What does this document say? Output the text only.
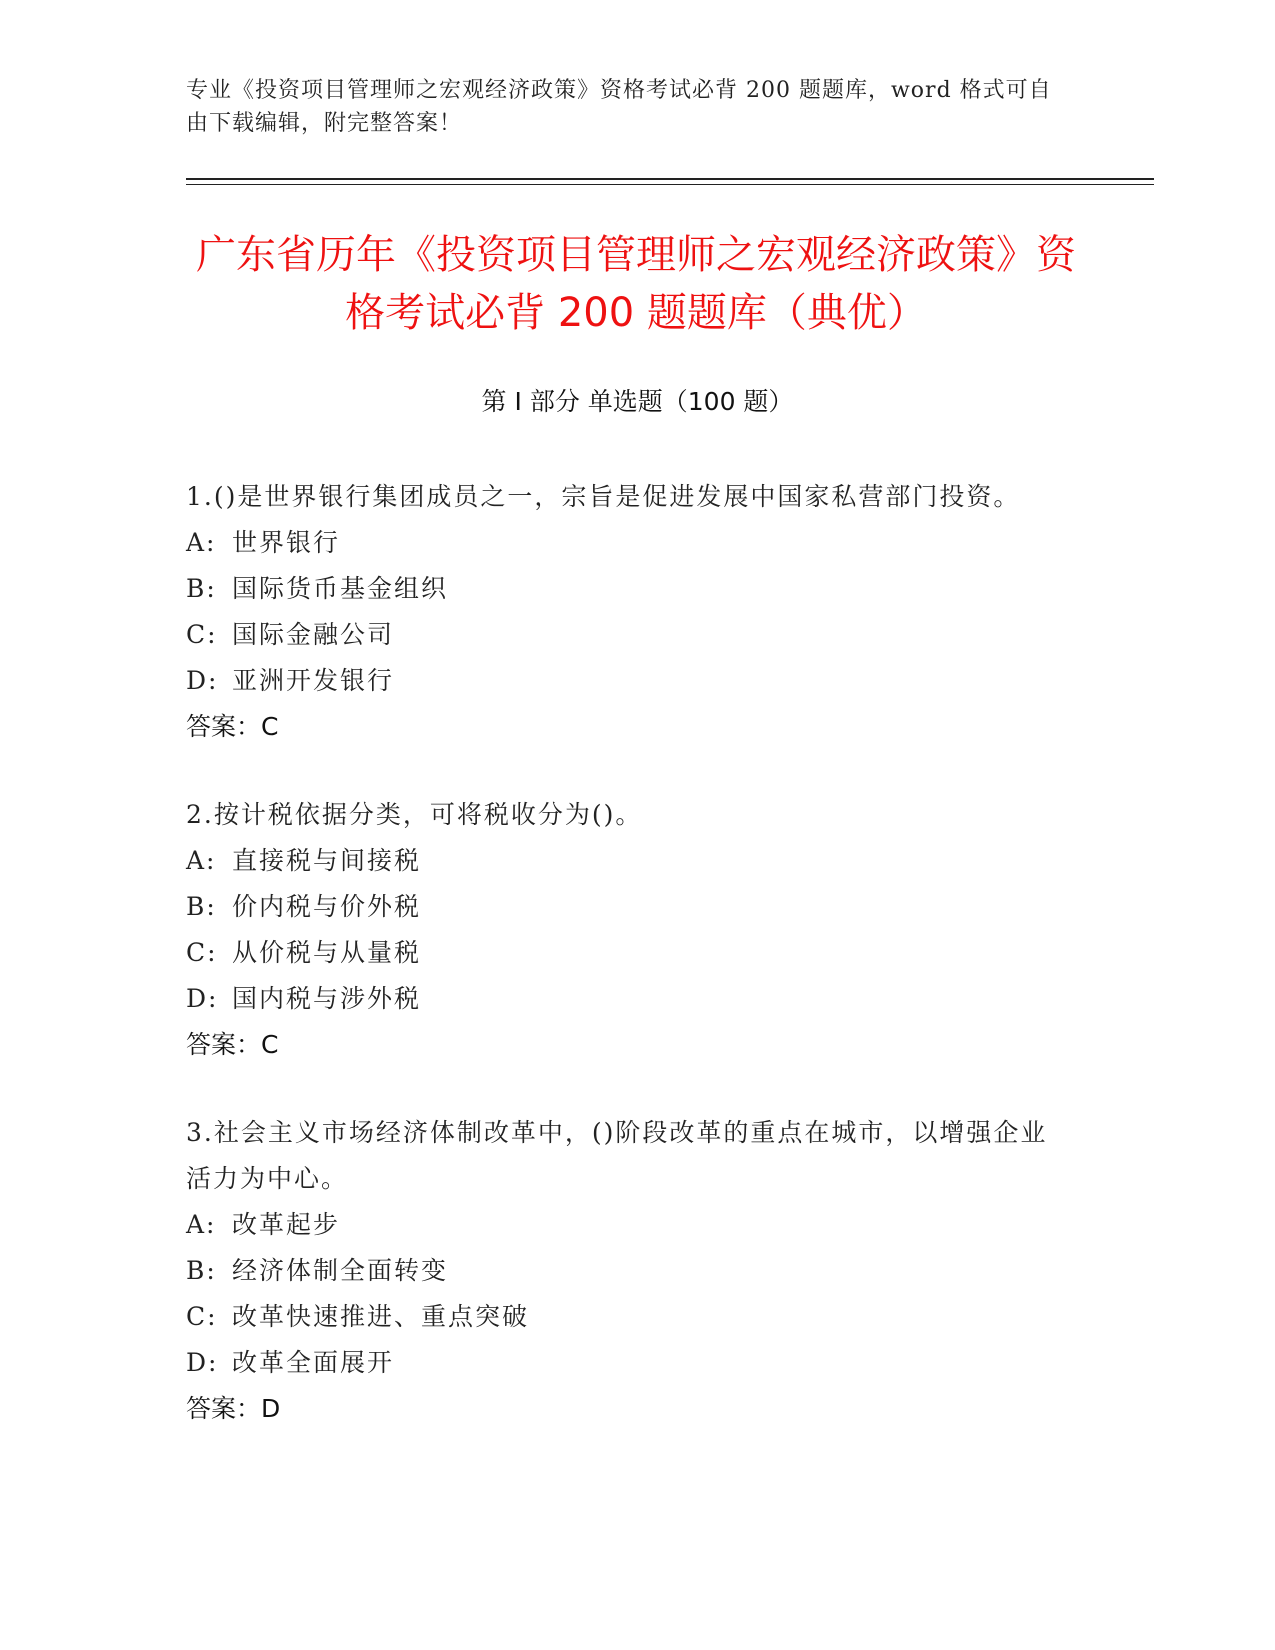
专业《投资项目管理师之宏观经济政策》资格考试必背 200 题题库，word 格式可自由下载编辑，附完整答案！
广东省历年《投资项目管理师之宏观经济政策》资格考试必背 200 题题库（典优）
第 I 部分 单选题（100 题）
1.()是世界银行集团成员之一，宗旨是促进发展中国家私营部门投资。
A: 世界银行
B: 国际货币基金组织
C: 国际金融公司
D: 亚洲开发银行
答案：C
2.按计税依据分类，可将税收分为()。
A: 直接税与间接税
B: 价内税与价外税
C: 从价税与从量税
D: 国内税与涉外税
答案：C
3.社会主义市场经济体制改革中，()阶段改革的重点在城市，以增强企业活力为中心。
A: 改革起步
B: 经济体制全面转变
C: 改革快速推进、重点突破
D: 改革全面展开
答案：D
